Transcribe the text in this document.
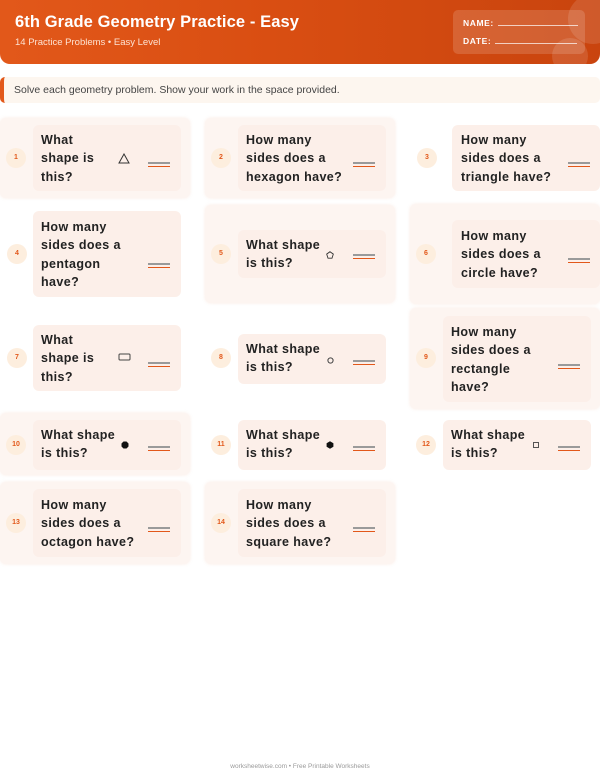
6th Grade Geometry Practice - Easy
14 Practice Problems • Easy Level
NAME:
DATE:
Solve each geometry problem. Show your work in the space provided.
1
What
shape is
this?
2
How many
sides does a
hexagon have?
3
How many
sides does a
triangle have?
4
How many
sides does a
pentagon
have?
5
What shape
is this?
6
How many
sides does a
circle have?
7
What
shape is
this?
8
What shape
is this?
9
How many
sides does a
rectangle
have?
10
What shape
is this?
11
What shape
is this?
12
What shape
is this?
13
How many
sides does a
octagon have?
14
How many
sides does a
square have?
worksheetwise.com • Free Printable Worksheets
